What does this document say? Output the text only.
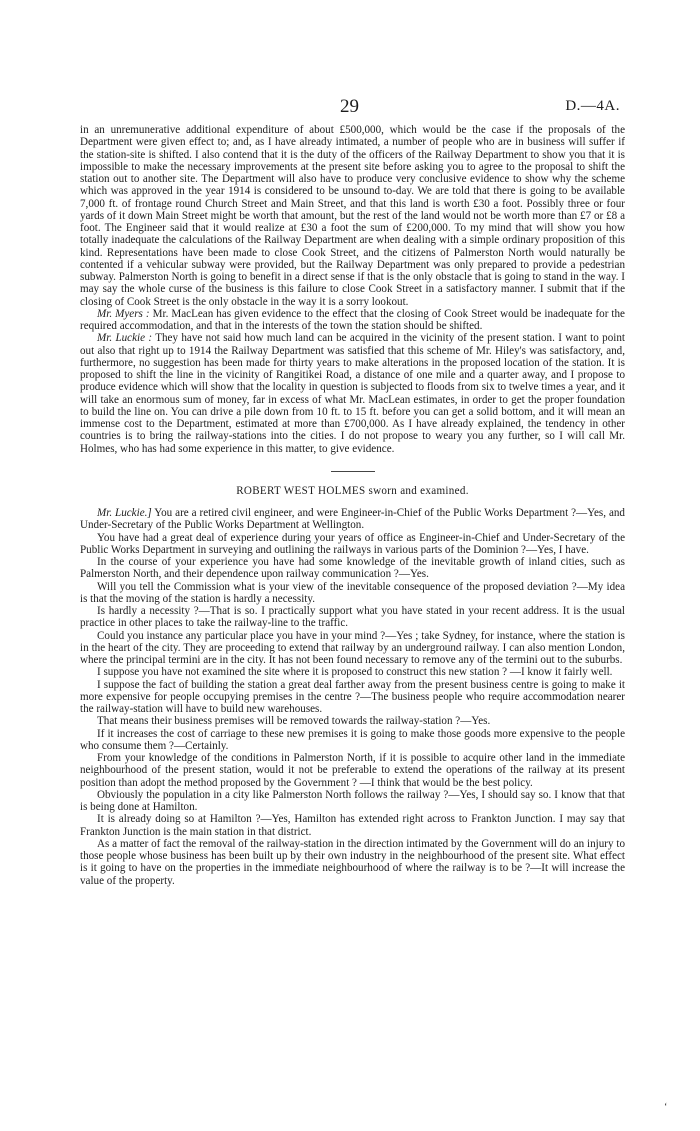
29	D.—4A.

in an unremunerative additional expenditure of about £500,000, which would be the case if the proposals of the Department were given effect to; and, as I have already intimated, a number of people who are in business will suffer if the station-site is shifted. I also contend that it is the duty of the officers of the Railway Department to show you that it is impossible to make the necessary improvements at the present site before asking you to agree to the proposal to shift the station out to another site. The Department will also have to produce very conclusive evidence to show why the scheme which was approved in the year 1914 is considered to be unsound to-day. We are told that there is going to be available 7,000 ft. of frontage round Church Street and Main Street, and that this land is worth £30 a foot. Possibly three or four yards of it down Main Street might be worth that amount, but the rest of the land would not be worth more than £7 or £8 a foot. The Engineer said that it would realize at £30 a foot the sum of £200,000. To my mind that will show you how totally inadequate the calculations of the Railway Department are when dealing with a simple ordinary proposition of this kind. Representations have been made to close Cook Street, and the citizens of Palmerston North would naturally be contented if a vehicular subway were provided, but the Railway Department was only prepared to provide a pedestrian subway. Palmerston North is going to benefit in a direct sense if that is the only obstacle that is going to stand in the way. I may say the whole curse of the business is this failure to close Cook Street in a satisfactory manner. I submit that if the closing of Cook Street is the only obstacle in the way it is a sorry lookout.

Mr. Myers : Mr. MacLean has given evidence to the effect that the closing of Cook Street would be inadequate for the required accommodation, and that in the interests of the town the station should be shifted.

Mr. Luckie : They have not said how much land can be acquired in the vicinity of the present station. I want to point out also that right up to 1914 the Railway Department was satisfied that this scheme of Mr. Hiley's was satisfactory, and, furthermore, no suggestion has been made for thirty years to make alterations in the proposed location of the station. It is proposed to shift the line in the vicinity of Rangitikei Road, a distance of one mile and a quarter away, and I propose to produce evidence which will show that the locality in question is subjected to floods from six to twelve times a year, and it will take an enormous sum of money, far in excess of what Mr. MacLean estimates, in order to get the proper foundation to build the line on. You can drive a pile down from 10 ft. to 15 ft. before you can get a solid bottom, and it will mean an immense cost to the Department, estimated at more than £700,000. As I have already explained, the tendency in other countries is to bring the railway-stations into the cities. I do not propose to weary you any further, so I will call Mr. Holmes, who has had some experience in this matter, to give evidence.

ROBERT WEST HOLMES sworn and examined.

Mr. Luckie.] You are a retired civil engineer, and were Engineer-in-Chief of the Public Works Department ?—Yes, and Under-Secretary of the Public Works Department at Wellington.

You have had a great deal of experience during your years of office as Engineer-in-Chief and Under-Secretary of the Public Works Department in surveying and outlining the railways in various parts of the Dominion ?—Yes, I have.

In the course of your experience you have had some knowledge of the inevitable growth of inland cities, such as Palmerston North, and their dependence upon railway communication ?—Yes.

Will you tell the Commission what is your view of the inevitable consequence of the proposed deviation ?—My idea is that the moving of the station is hardly a necessity.

Is hardly a necessity ?—That is so. I practically support what you have stated in your recent address. It is the usual practice in other places to take the railway-line to the traffic.

Could you instance any particular place you have in your mind ?—Yes ; take Sydney, for instance, where the station is in the heart of the city. They are proceeding to extend that railway by an underground railway. I can also mention London, where the principal termini are in the city. It has not been found necessary to remove any of the termini out to the suburbs.

I suppose you have not examined the site where it is proposed to construct this new station ? —I know it fairly well.

I suppose the fact of building the station a great deal farther away from the present business centre is going to make it more expensive for people occupying premises in the centre ?—The business people who require accommodation nearer the railway-station will have to build new warehouses.

That means their business premises will be removed towards the railway-station ?—Yes.

If it increases the cost of carriage to these new premises it is going to make those goods more expensive to the people who consume them ?—Certainly.

From your knowledge of the conditions in Palmerston North, if it is possible to acquire other land in the immediate neighbourhood of the present station, would it not be preferable to extend the operations of the railway at its present position than adopt the method proposed by the Government ? —I think that would be the best policy.

Obviously the population in a city like Palmerston North follows the railway ?—Yes, I should say so. I know that that is being done at Hamilton.

It is already doing so at Hamilton ?—Yes, Hamilton has extended right across to Frankton Junction. I may say that Frankton Junction is the main station in that district.

As a matter of fact the removal of the railway-station in the direction intimated by the Government will do an injury to those people whose business has been built up by their own industry in the neighbourhood of the present site. What effect is it going to have on the properties in the immediate neighbourhood of where the railway is to be ?—It will increase the value of the property.

‘
